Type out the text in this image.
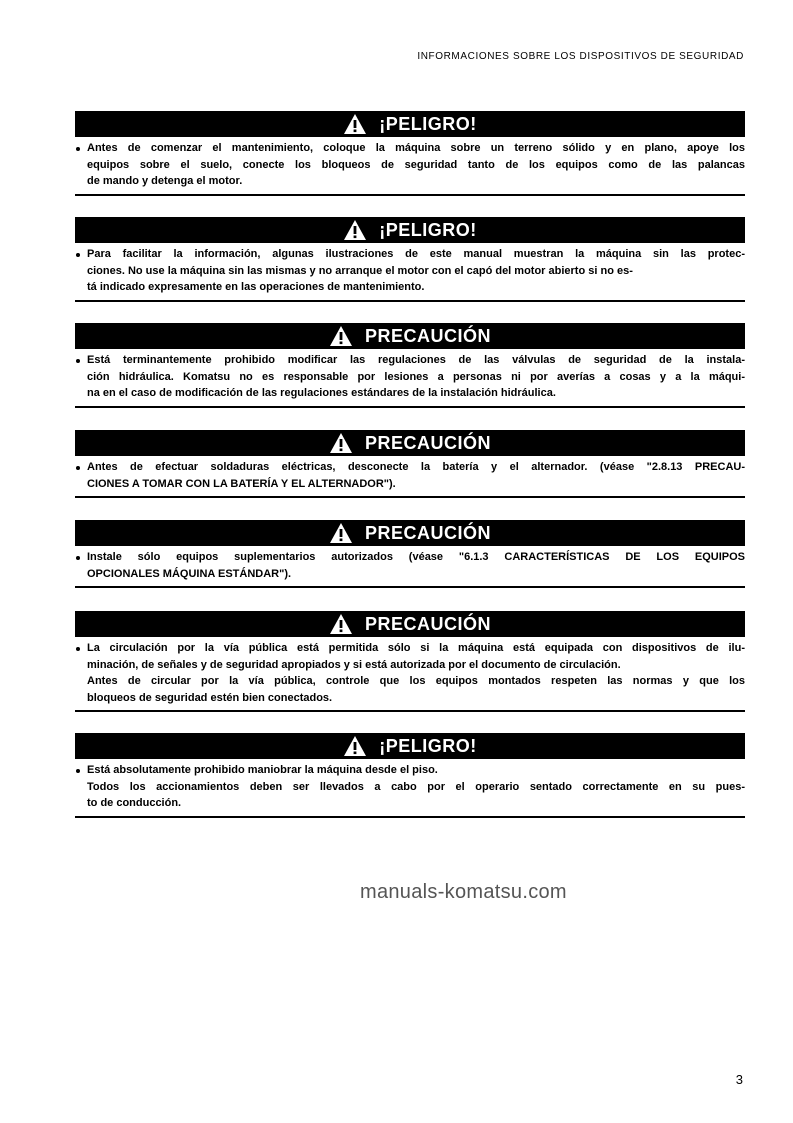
INFORMACIONES SOBRE LOS DISPOSITIVOS DE SEGURIDAD
¡PELIGRO!
Antes de comenzar el mantenimiento, coloque la máquina sobre un terreno sólido y en plano, apoye los
equipos sobre el suelo, conecte los bloqueos de seguridad tanto de los equipos como de las palancas
de mando y detenga el motor.
¡PELIGRO!
Para facilitar la información, algunas ilustraciones de este manual muestran la máquina sin las protec-
ciones. No use la máquina sin las mismas y no arranque el motor con el capó del motor abierto si no es-
tá indicado expresamente en las operaciones de mantenimiento.
PRECAUCIÓN
Está terminantemente prohibido modificar las regulaciones de las válvulas de seguridad de la instala-
ción hidráulica. Komatsu no es responsable por lesiones a personas ni por averías a cosas y a la máqui-
na en el caso de modificación de las regulaciones estándares de la instalación hidráulica.
PRECAUCIÓN
Antes de efectuar soldaduras eléctricas, desconecte la batería y el alternador. (véase "2.8.13 PRECAU-
CIONES A TOMAR CON LA BATERÍA Y EL ALTERNADOR").
PRECAUCIÓN
Instale sólo equipos suplementarios autorizados (véase "6.1.3 CARACTERÍSTICAS DE LOS EQUIPOS
OPCIONALES MÁQUINA ESTÁNDAR").
PRECAUCIÓN
La circulación por la vía pública está permitida sólo si la máquina está equipada con dispositivos de ilu-
minación, de señales y de seguridad apropiados y si está autorizada por el documento de circulación.
Antes de circular por la vía pública, controle que los equipos montados respeten las normas y que los
bloqueos de seguridad estén bien conectados.
¡PELIGRO!
Está absolutamente prohibido maniobrar la máquina desde el piso.
Todos los accionamientos deben ser llevados a cabo por el operario sentado correctamente en su pues-
to de conducción.
manuals-komatsu.com
3
